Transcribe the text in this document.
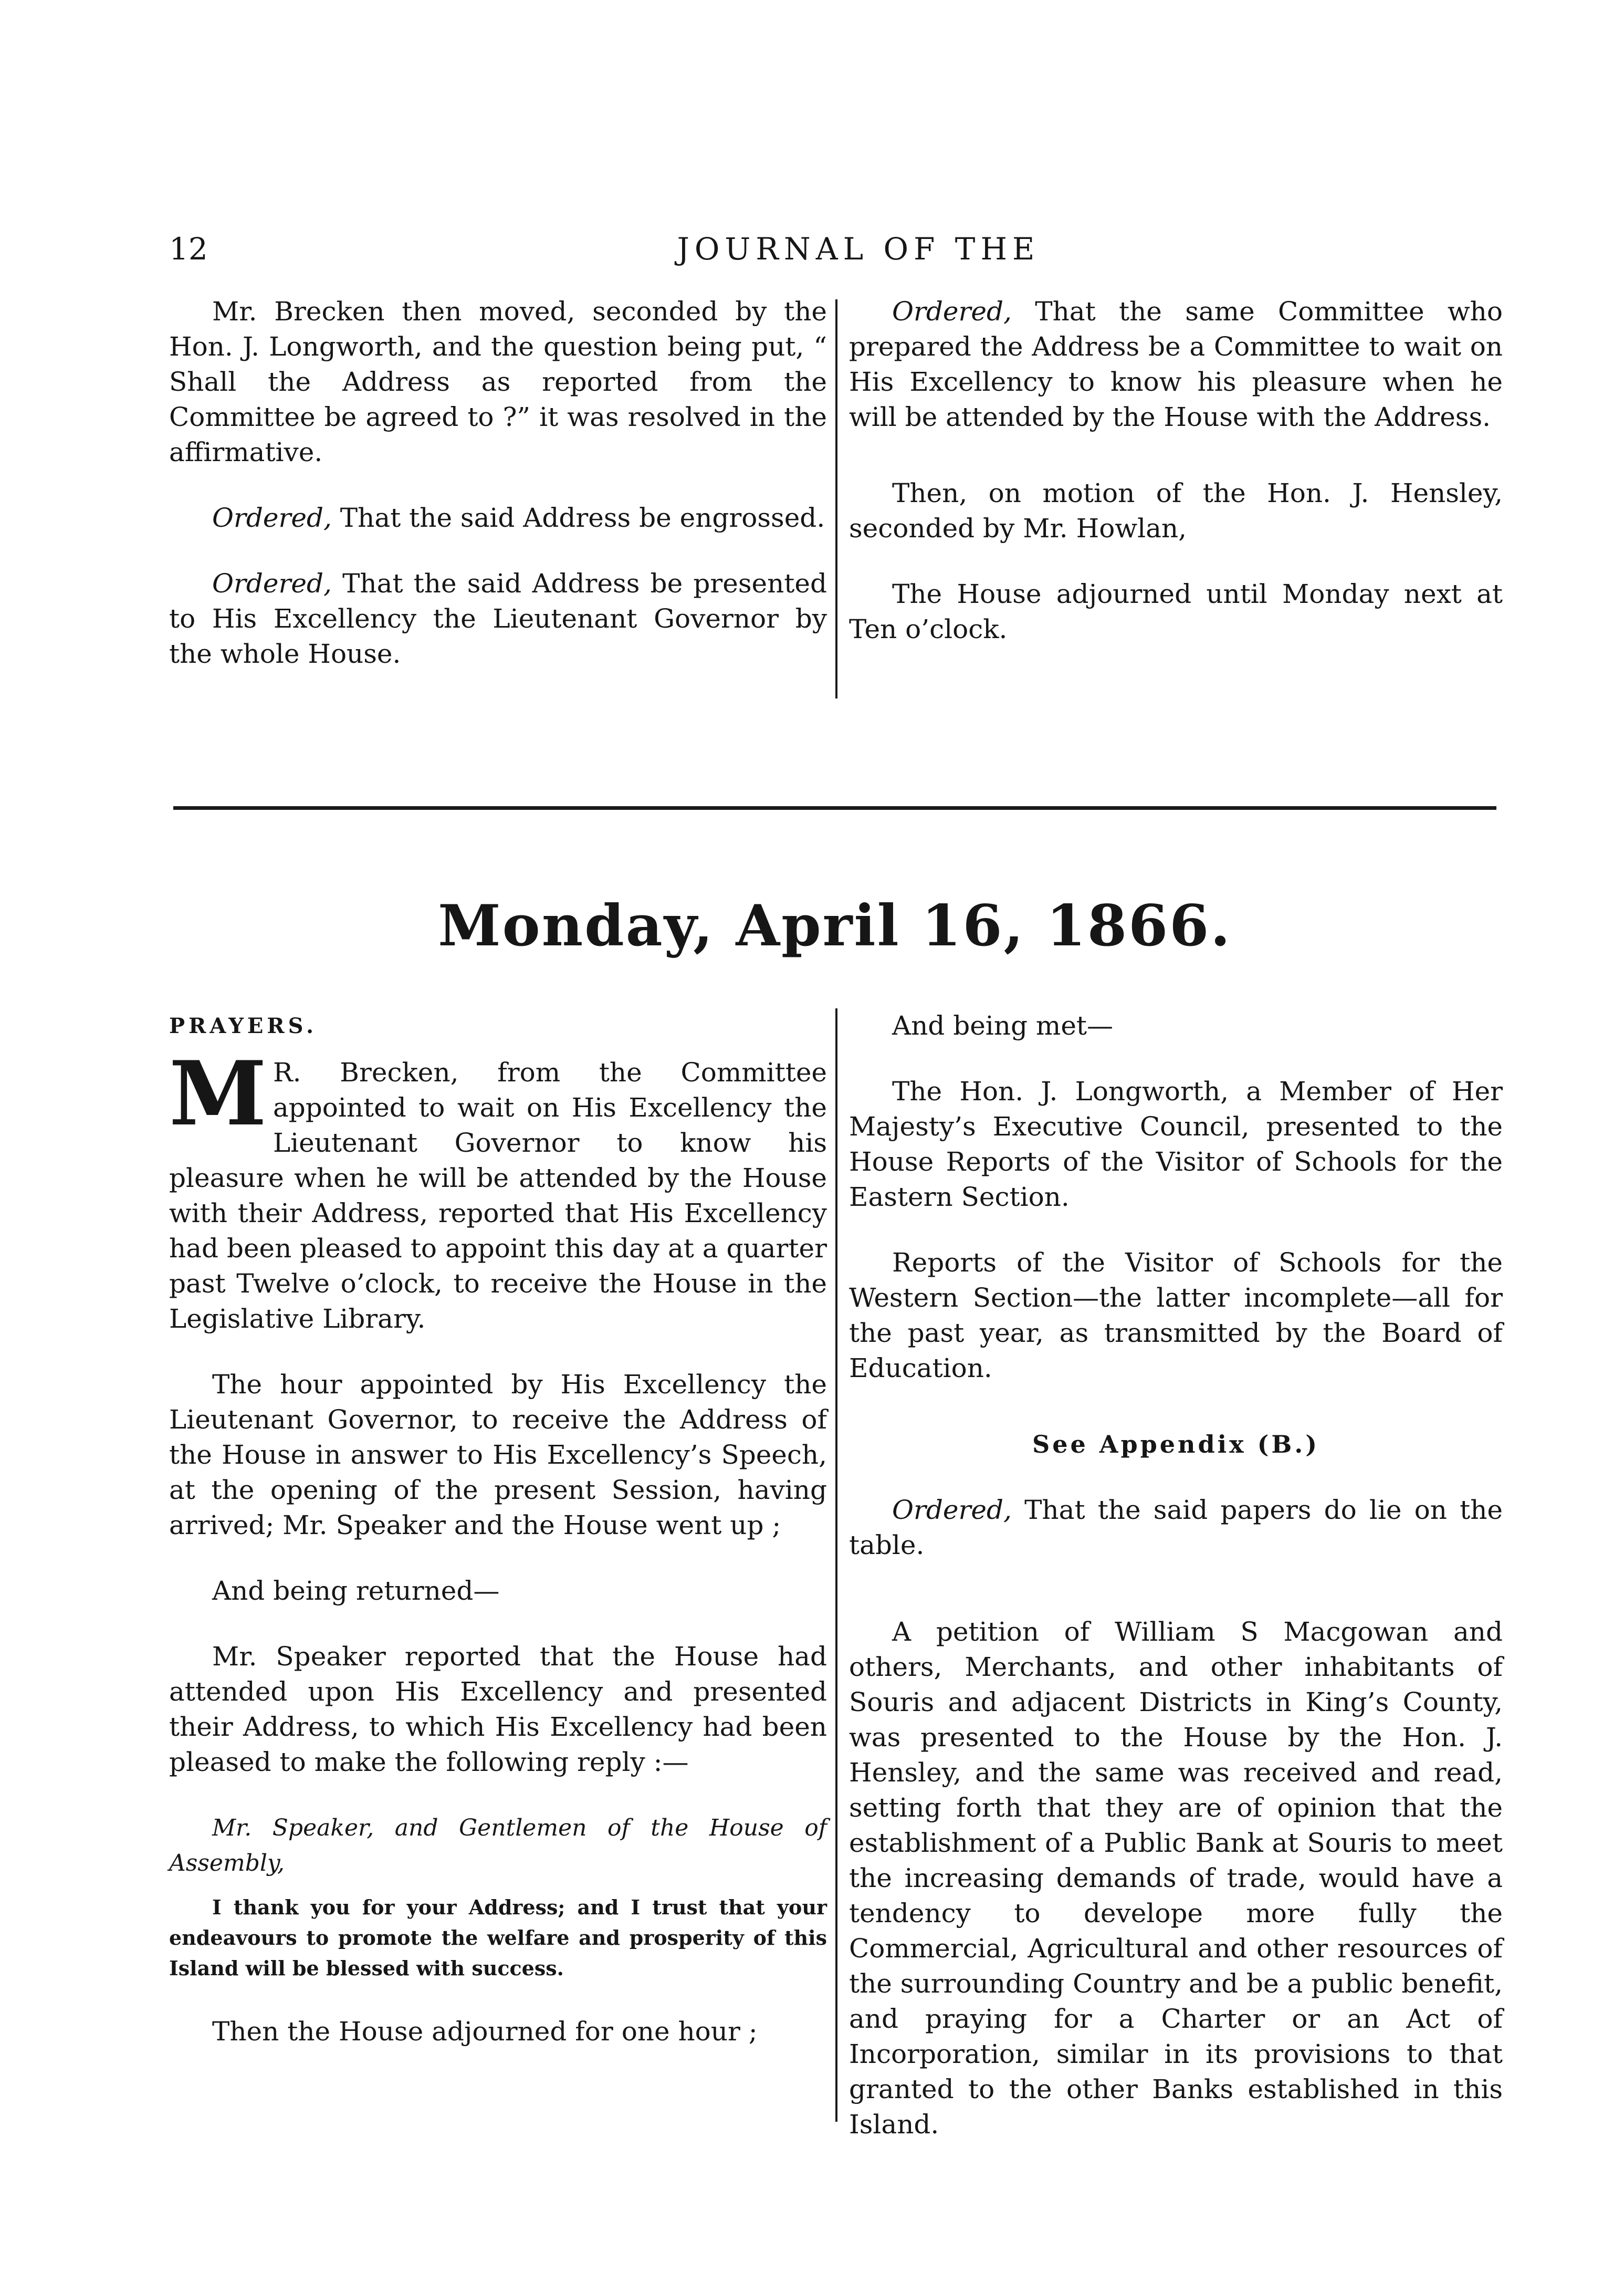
12	JOURNAL OF THE

Mr. Brecken then moved, seconded by the Hon. J. Longworth, and the question being put, “ Shall the Address as reported from the Committee be agreed to ?” it was resolved in the affirmative.

Ordered, That the said Address be engrossed.

Ordered, That the said Address be presented to His Excellency the Lieutenant Governor by the whole House.

Ordered, That the same Committee who prepared the Address be a Committee to wait on His Excellency to know his pleasure when he will be attended by the House with the Address.

Then, on motion of the Hon. J. Hensley, seconded by Mr. Howlan,

The House adjourned until Monday next at Ten o’clock.

Monday, April 16, 1866.

PRAYERS.

M R. Brecken, from the Committee appointed to wait on His Excellency the Lieutenant Governor to know his pleasure when he will be attended by the House with their Address, reported that His Excellency had been pleased to appoint this day at a quarter past Twelve o’clock, to receive the House in the Legislative Library.

The hour appointed by His Excellency the Lieutenant Governor, to receive the Address of the House in answer to His Excellency’s Speech, at the opening of the present Session, having arrived; Mr. Speaker and the House went up ;

And being returned—

Mr. Speaker reported that the House had attended upon His Excellency and presented their Address, to which His Excellency had been pleased to make the following reply :—

Mr. Speaker, and Gentlemen of the House of Assembly,

I thank you for your Address; and I trust that your endeavours to promote the welfare and prosperity of this Island will be blessed with success.

Then the House adjourned for one hour ;

And being met—

The Hon. J. Longworth, a Member of Her Majesty’s Executive Council, presented to the House Reports of the Visitor of Schools for the Eastern Section.

Reports of the Visitor of Schools for the Western Section—the latter incomplete—all for the past year, as transmitted by the Board of Education.

See Appendix (B.)

Ordered, That the said papers do lie on the table.

A petition of William S Macgowan and others, Merchants, and other inhabitants of Souris and adjacent Districts in King’s County, was presented to the House by the Hon. J. Hensley, and the same was received and read, setting forth that they are of opinion that the establishment of a Public Bank at Souris to meet the increasing demands of trade, would have a tendency to develope more fully the Commercial, Agricultural and other resources of the surrounding Country and be a public benefit, and praying for a Charter or an Act of Incorporation, similar in its provisions to that granted to the other Banks established in this Island.
